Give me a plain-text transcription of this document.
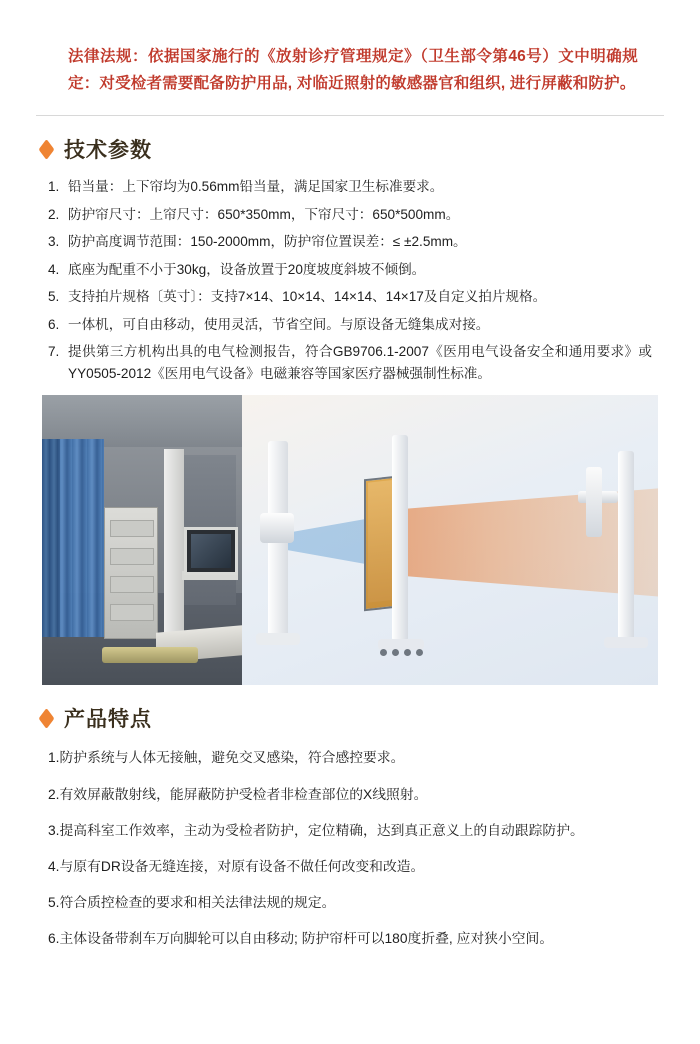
法律法规：依据国家施行的《放射诊疗管理规定》（卫生部令第46号）文中明确规定：对受检者需要配备防护用品, 对临近照射的敏感器官和组织, 进行屏蔽和防护。
技术参数
1. 铅当量：上下帘均为0.56mm铅当量，满足国家卫生标准要求。
2. 防护帘尺寸：上帘尺寸：650*350mm，下帘尺寸：650*500mm。
3. 防护高度调节范围：150-2000mm，防护帘位置误差：≤ ±2.5mm。
4. 底座为配重不小于30kg，设备放置于20度坡度斜坡不倾倒。
5. 支持拍片规格〔英寸〕：支持7×14、10×14、14×14、14×17及自定义拍片规格。
6. 一体机，可自由移动，使用灵活，节省空间。与原设备无缝集成对接。
7. 提供第三方机构出具的电气检测报告，符合GB9706.1-2007《医用电气设备安全和通用要求》或YY0505-2012《医用电气设备》电磁兼容等国家医疗器械强制性标准。
产品特点
1.防护系统与人体无接触，避免交叉感染，符合感控要求。
2.有效屏蔽散射线，能屏蔽防护受检者非检查部位的X线照射。
3.提高科室工作效率，主动为受检者防护，定位精确，达到真正意义上的自动跟踪防护。
4.与原有DR设备无缝连接，对原有设备不做任何改变和改造。
5.符合质控检查的要求和相关法律法规的规定。
6.主体设备带刹车万向脚轮可以自由移动; 防护帘杆可以180度折叠, 应对狭小空间。
